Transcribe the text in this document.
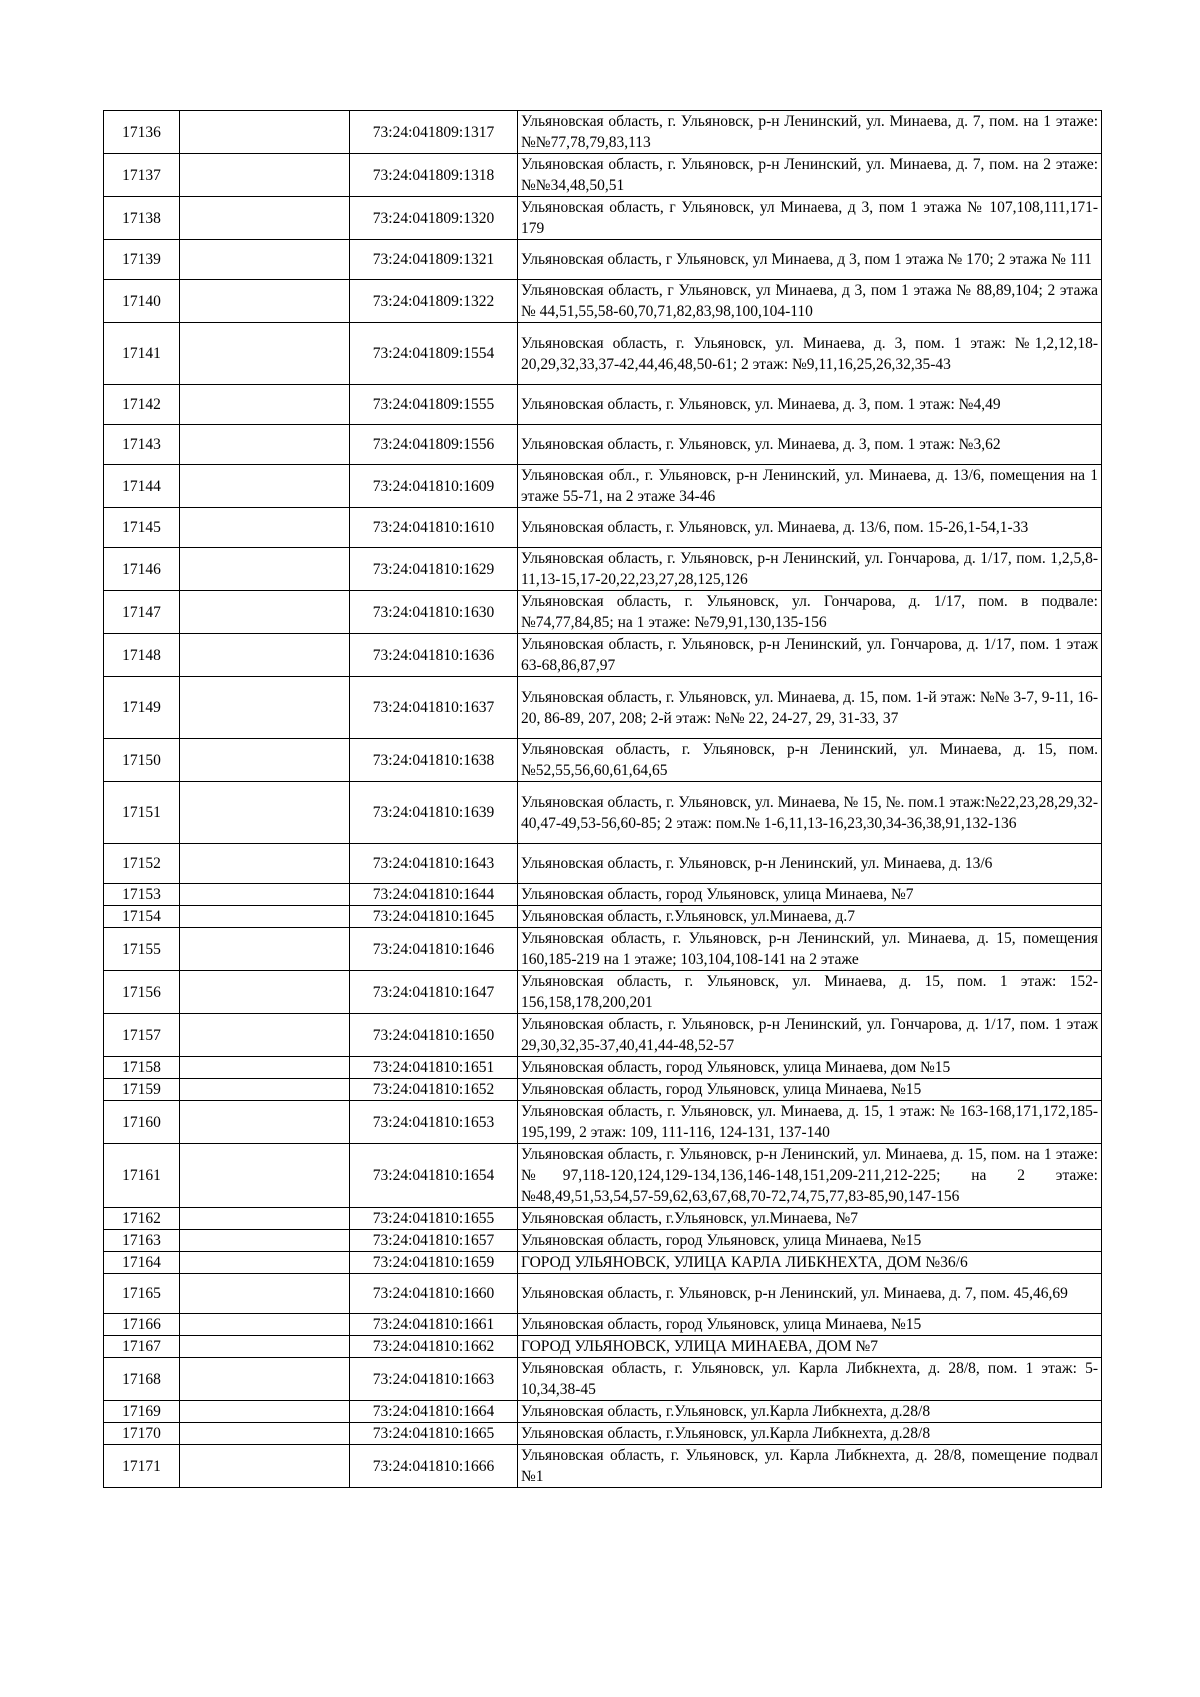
17136		73:24:041809:1317	Ульяновская область, г. Ульяновск, р-н Ленинский, ул. Минаева, д. 7, пом. на 1 этаже: №№77,78,79,83,113
17137		73:24:041809:1318	Ульяновская область, г. Ульяновск, р-н Ленинский, ул. Минаева, д. 7, пом. на 2 этаже: №№34,48,50,51
17138		73:24:041809:1320	Ульяновская область, г Ульяновск, ул Минаева, д 3, пом 1 этажа № 107,108,111,171-179
17139		73:24:041809:1321	Ульяновская область, г Ульяновск, ул Минаева, д 3, пом 1 этажа № 170; 2 этажа № 111
17140		73:24:041809:1322	Ульяновская область, г Ульяновск, ул Минаева, д 3, пом 1 этажа № 88,89,104; 2 этажа № 44,51,55,58-60,70,71,82,83,98,100,104-110
17141		73:24:041809:1554	Ульяновская область, г. Ульяновск, ул. Минаева, д. 3, пом. 1 этаж: №1,2,12,18-20,29,32,33,37-42,44,46,48,50-61; 2 этаж: №9,11,16,25,26,32,35-43
17142		73:24:041809:1555	Ульяновская область, г. Ульяновск, ул. Минаева, д. 3, пом. 1 этаж: №4,49
17143		73:24:041809:1556	Ульяновская область, г. Ульяновск, ул. Минаева, д. 3, пом. 1 этаж: №3,62
17144		73:24:041810:1609	Ульяновская обл., г. Ульяновск, р-н Ленинский, ул. Минаева, д. 13/6, помещения на 1 этаже 55-71, на 2 этаже 34-46
17145		73:24:041810:1610	Ульяновская область, г. Ульяновск, ул. Минаева, д. 13/6, пом. 15-26,1-54,1-33
17146		73:24:041810:1629	Ульяновская область, г. Ульяновск, р-н Ленинский, ул. Гончарова, д. 1/17, пом. 1,2,5,8-11,13-15,17-20,22,23,27,28,125,126
17147		73:24:041810:1630	Ульяновская область, г. Ульяновск, ул. Гончарова, д. 1/17, пом. в подвале: №74,77,84,85; на 1 этаже: №79,91,130,135-156
17148		73:24:041810:1636	Ульяновская область, г. Ульяновск, р-н Ленинский, ул. Гончарова, д. 1/17, пом. 1 этаж 63-68,86,87,97
17149		73:24:041810:1637	Ульяновская область, г. Ульяновск, ул. Минаева, д. 15, пом. 1-й этаж: №№ 3-7, 9-11, 16-20, 86-89, 207, 208; 2-й этаж: №№ 22, 24-27, 29, 31-33, 37
17150		73:24:041810:1638	Ульяновская область, г. Ульяновск, р-н Ленинский, ул. Минаева, д. 15, пом. №52,55,56,60,61,64,65
17151		73:24:041810:1639	Ульяновская область, г. Ульяновск, ул. Минаева, № 15, №. пом.1 этаж:№22,23,28,29,32-40,47-49,53-56,60-85; 2 этаж: пом.№ 1-6,11,13-16,23,30,34-36,38,91,132-136
17152		73:24:041810:1643	Ульяновская область, г. Ульяновск, р-н Ленинский, ул. Минаева, д. 13/6
17153		73:24:041810:1644	Ульяновская область, город Ульяновск, улица Минаева, №7
17154		73:24:041810:1645	Ульяновская область, г.Ульяновск, ул.Минаева, д.7
17155		73:24:041810:1646	Ульяновская область, г. Ульяновск, р-н Ленинский, ул. Минаева, д. 15, помещения 160,185-219 на 1 этаже; 103,104,108-141 на 2 этаже
17156		73:24:041810:1647	Ульяновская область, г. Ульяновск, ул. Минаева, д. 15, пом. 1 этаж: 152-156,158,178,200,201
17157		73:24:041810:1650	Ульяновская область, г. Ульяновск, р-н Ленинский, ул. Гончарова, д. 1/17, пом. 1 этаж 29,30,32,35-37,40,41,44-48,52-57
17158		73:24:041810:1651	Ульяновская область, город Ульяновск, улица Минаева, дом №15
17159		73:24:041810:1652	Ульяновская область, город Ульяновск, улица Минаева, №15
17160		73:24:041810:1653	Ульяновская область, г. Ульяновск, ул. Минаева, д. 15, 1 этаж: № 163-168,171,172,185-195,199, 2 этаж: 109, 111-116, 124-131, 137-140
17161		73:24:041810:1654	Ульяновская область, г. Ульяновск, р-н Ленинский, ул. Минаева, д. 15, пом. на 1 этаже: №97,118-120,124,129-134,136,146-148,151,209-211,212-225; на 2 этаже: №48,49,51,53,54,57-59,62,63,67,68,70-72,74,75,77,83-85,90,147-156
17162		73:24:041810:1655	Ульяновская область, г.Ульяновск, ул.Минаева, №7
17163		73:24:041810:1657	Ульяновская область, город Ульяновск, улица Минаева, №15
17164		73:24:041810:1659	ГОРОД УЛЬЯНОВСК, УЛИЦА КАРЛА ЛИБКНЕХТА, ДОМ №36/6
17165		73:24:041810:1660	Ульяновская область, г. Ульяновск, р-н Ленинский, ул. Минаева, д. 7, пом. 45,46,69
17166		73:24:041810:1661	Ульяновская область, город Ульяновск, улица Минаева, №15
17167		73:24:041810:1662	ГОРОД УЛЬЯНОВСК, УЛИЦА МИНАЕВА, ДОМ №7
17168		73:24:041810:1663	Ульяновская область, г. Ульяновск, ул. Карла Либкнехта, д. 28/8, пом. 1 этаж: 5-10,34,38-45
17169		73:24:041810:1664	Ульяновская область, г.Ульяновск, ул.Карла Либкнехта, д.28/8
17170		73:24:041810:1665	Ульяновская область, г.Ульяновск, ул.Карла Либкнехта, д.28/8
17171		73:24:041810:1666	Ульяновская область, г. Ульяновск, ул. Карла Либкнехта, д. 28/8, помещение подвал №1
